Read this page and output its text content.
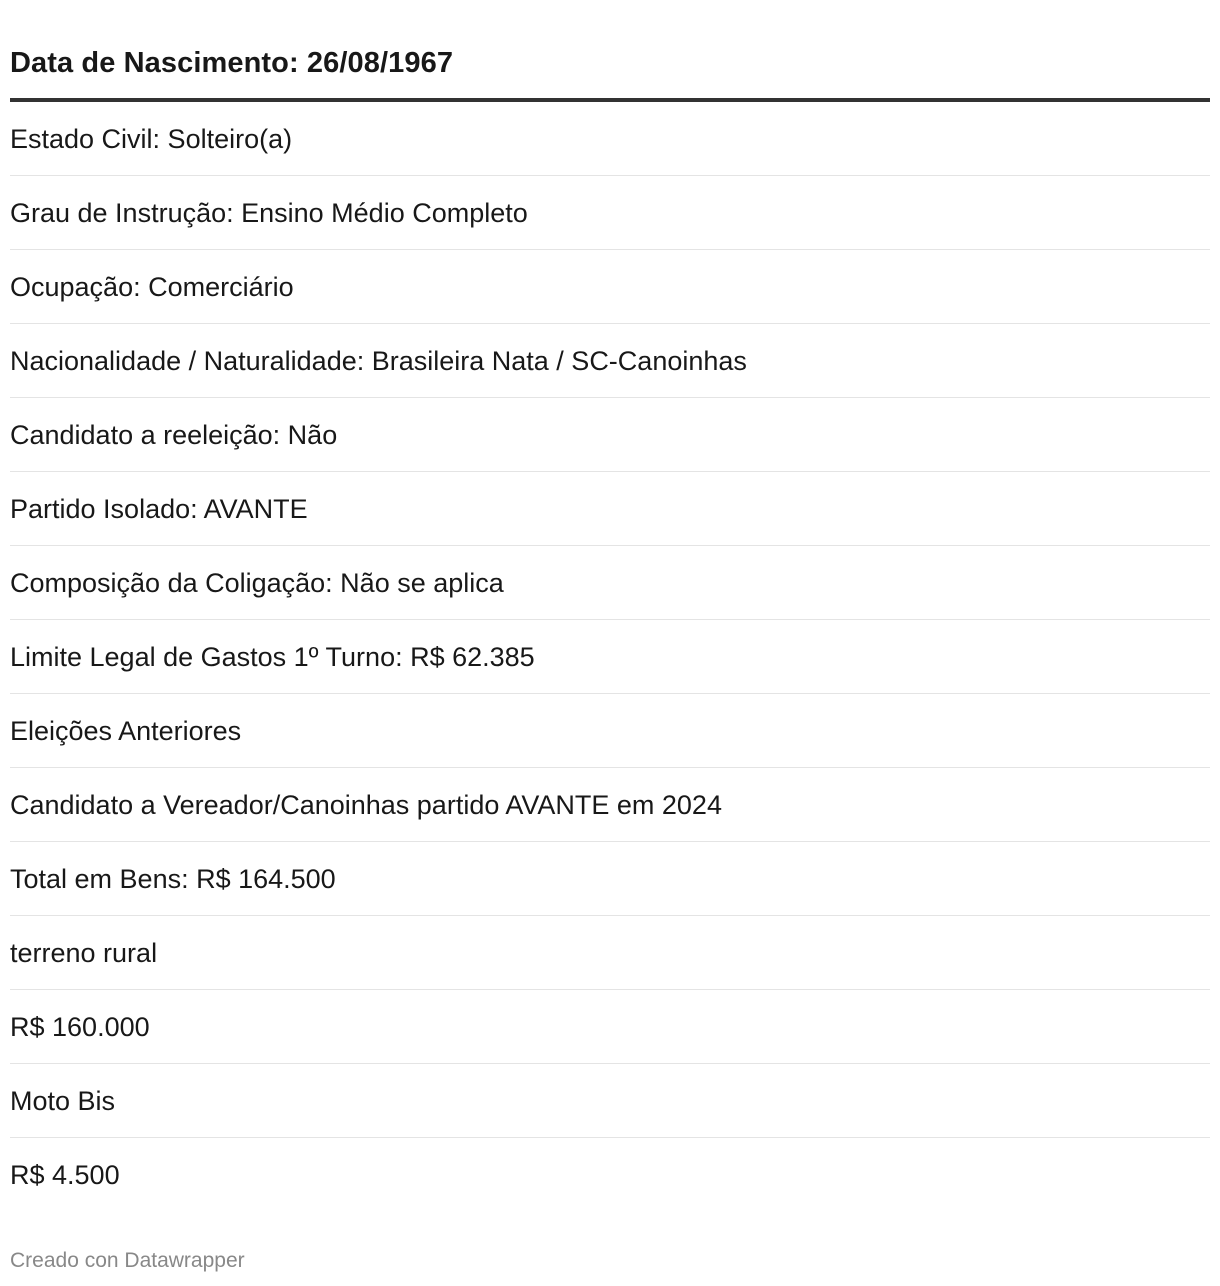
Data de Nascimento: 26/08/1967
Estado Civil: Solteiro(a)
Grau de Instrução: Ensino Médio Completo
Ocupação: Comerciário
Nacionalidade / Naturalidade: Brasileira Nata / SC-Canoinhas
Candidato a reeleição: Não
Partido Isolado: AVANTE
Composição da Coligação: Não se aplica
Limite Legal de Gastos 1º Turno: R$ 62.385
Eleições Anteriores
Candidato a Vereador/Canoinhas partido AVANTE em 2024
Total em Bens: R$ 164.500
terreno rural
R$ 160.000
Moto Bis
R$ 4.500
Creado con Datawrapper
